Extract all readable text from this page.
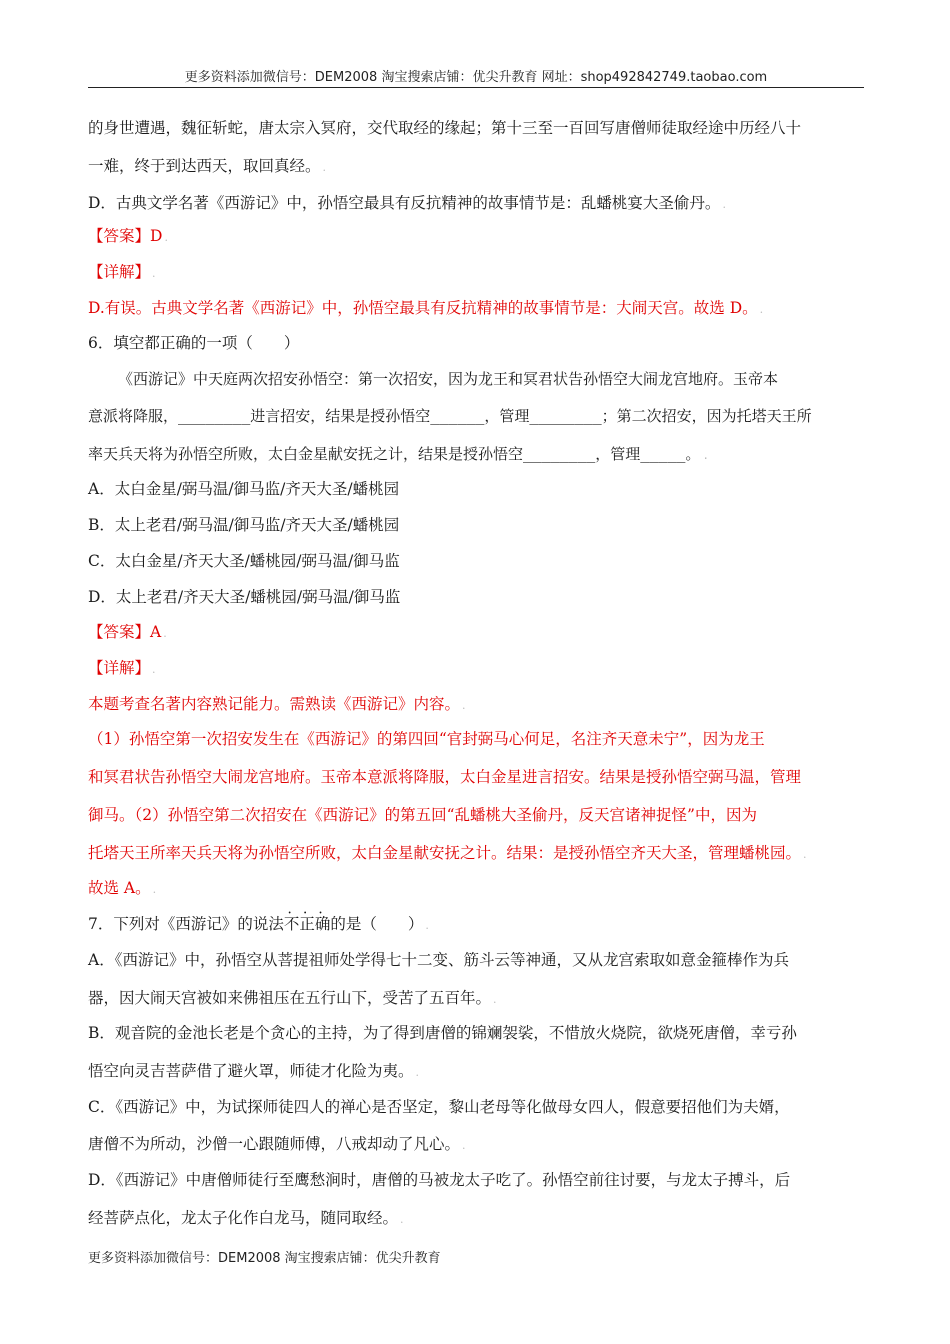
更多资料添加微信号：DEM2008 淘宝搜索店铺：优尖升教育 网址：shop492842749.taobao.com
的身世遭遇，魏征斩蛇，唐太宗入冥府，交代取经的缘起；第十三至一百回写唐僧师徒取经途中历经八十
一难，终于到达西天，取回真经。 .
D．古典文学名著《西游记》中，孙悟空最具有反抗精神的故事情节是：乱蟠桃宴大圣偷丹。 .
【答案】D .
【详解】 .
D.有误。古典文学名著《西游记》中，孙悟空最具有反抗精神的故事情节是：大闹天宫。故选 D。 .
6．填空都正确的一项（　　）
《西游记》中天庭两次招安孙悟空：第一次招安，因为龙王和冥君状告孙悟空大闹龙宫地府。玉帝本
意派将降服，________进言招安，结果是授孙悟空______，管理________；第二次招安，因为托塔天王所
率天兵天将为孙悟空所败，太白金星献安抚之计，结果是授孙悟空________，管理_____。 .
A．太白金星/弼马温/御马监/齐天大圣/蟠桃园
B．太上老君/弼马温/御马监/齐天大圣/蟠桃园
C．太白金星/齐天大圣/蟠桃园/弼马温/御马监
D．太上老君/齐天大圣/蟠桃园/弼马温/御马监
【答案】A .
【详解】 .
本题考查名著内容熟记能力。需熟读《西游记》内容。 .
（1）孙悟空第一次招安发生在《西游记》的第四回“官封弼马心何足，名注齐天意未宁”，因为龙王
和冥君状告孙悟空大闹龙宫地府。玉帝本意派将降服，太白金星进言招安。结果是授孙悟空弼马温，管理
御马。（2）孙悟空第二次招安在《西游记》的第五回“乱蟠桃大圣偷丹，反天宫诸神捉怪”中，因为
托塔天王所率天兵天将为孙悟空所败，太白金星献安抚之计。结果：是授孙悟空齐天大圣，管理蟠桃园。 .
故选 A。 .
7．下列对《西游记》的说法• • • 不正确的是（　　） .
A．《西游记》中，孙悟空从菩提祖师处学得七十二变、筋斗云等神通，又从龙宫索取如意金箍棒作为兵
器，因大闹天宫被如来佛祖压在五行山下，受苦了五百年。 .
B．观音院的金池长老是个贪心的主持，为了得到唐僧的锦斓袈裟，不惜放火烧院，欲烧死唐僧，幸亏孙
悟空向灵吉菩萨借了避火罩，师徒才化险为夷。 .
C．《西游记》中，为试探师徒四人的禅心是否坚定，黎山老母等化做母女四人，假意要招他们为夫婿，
唐僧不为所动，沙僧一心跟随师傅，八戒却动了凡心。 .
D．《西游记》中唐僧师徒行至鹰愁涧时，唐僧的马被龙太子吃了。孙悟空前往讨要，与龙太子搏斗，后
经菩萨点化，龙太子化作白龙马，随同取经。 .
更多资料添加微信号：DEM2008 淘宝搜索店铺：优尖升教育
